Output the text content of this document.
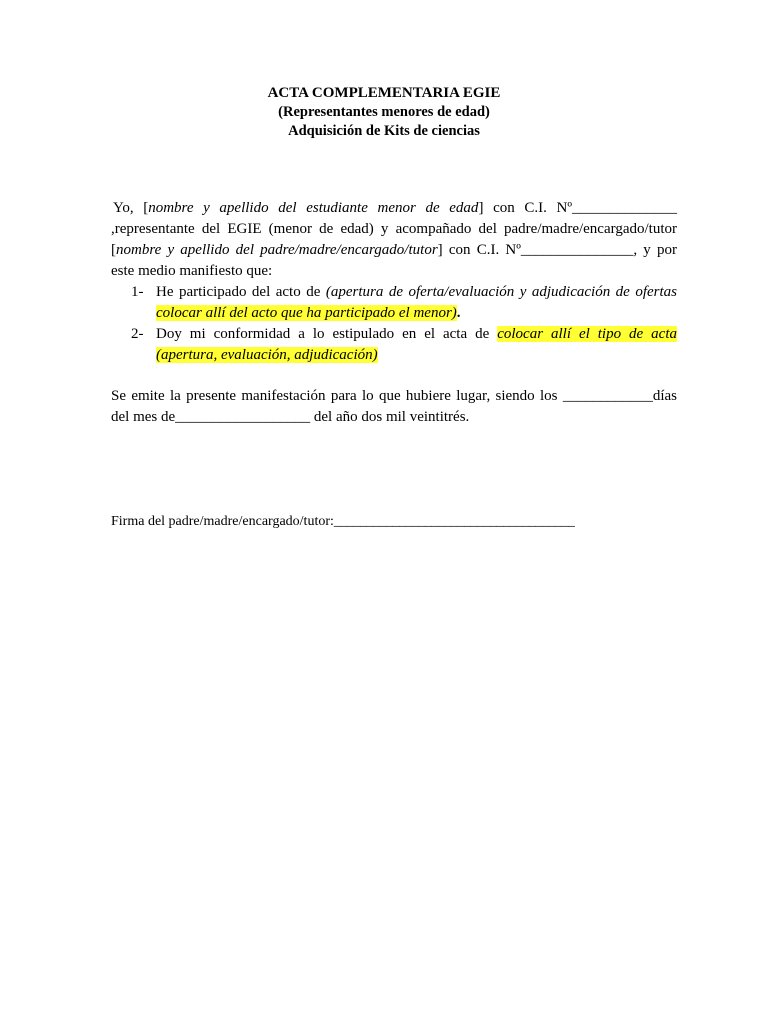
ACTA COMPLEMENTARIA EGIE
(Representantes menores de edad)
Adquisición de Kits de ciencias
Yo, [nombre y apellido del estudiante menor de edad] con C.I. Nº______________ ,representante del EGIE (menor de edad) y acompañado del padre/madre/encargado/tutor [nombre y apellido del padre/madre/encargado/tutor] con C.I. Nº_______________, y por este medio manifiesto que:
1- He participado del acto de (apertura de oferta/evaluación y adjudicación de ofertas colocar allí del acto que ha participado el menor).
2- Doy mi conformidad a lo estipulado en el acta de colocar allí el tipo de acta (apertura, evaluación, adjudicación)
Se emite la presente manifestación para lo que hubiere lugar, siendo los ____________días del mes de__________________ del año dos mil veintitrés.
Firma del padre/madre/encargado/tutor:_____________________________________
